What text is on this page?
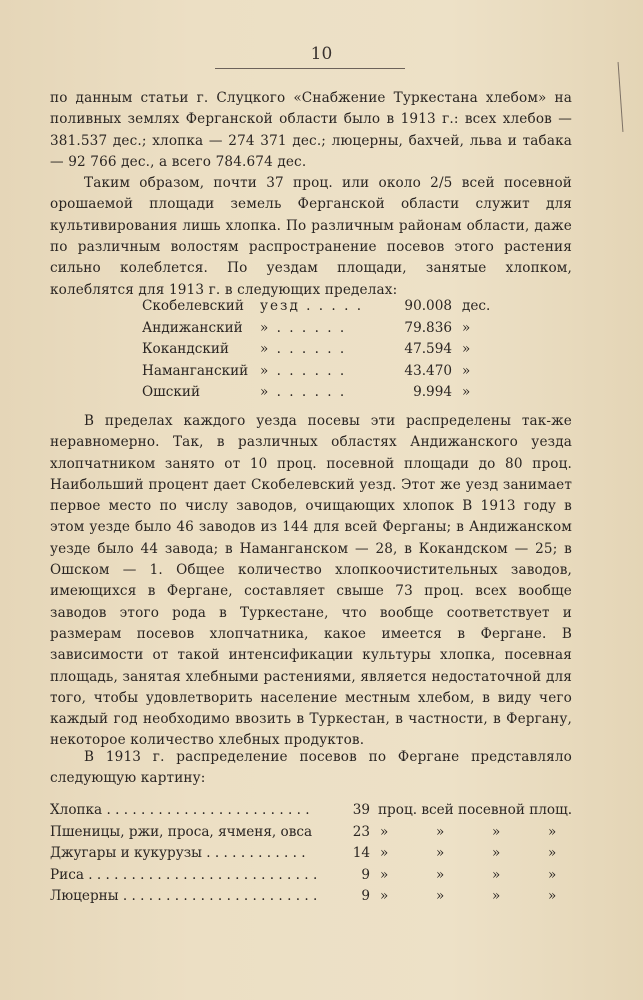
10

по данным статьи г. Слуцкого «Снабжение Туркестана хлебом» на поливных землях Ферганской области было в 1913 г.: всех хлебов — 381.537 дес.; хлопка — 274 371 дес.; люцерны, бахчей, льва и табака — 92 766 дес., а всего 784.674 дес.

Таким образом, почти 37 проц. или около 2/5 всей посевной орошаемой площади земель Ферганской области служит для культивирования лишь хлопка. По различным районам области, даже по различным волостям распространение посевов этого растения сильно колеблется. По уездам площади, занятые хлопком, колеблятся для 1913 г. в следующих пределах:

Скобелевский	уезд . . . . .	90.008 дес.
Андижанский	» . . . . . .	79.836 »
Кокандский	» . . . . . .	47.594 »
Наманганский » . . . . . .	43.470 »
Ошский	» . . . . . .	9.994 »

В пределах каждого уезда посевы эти распределены так-же неравномерно. Так, в различных областях Андижанского уезда хлопчатником занято от 10 проц. посевной площади до 80 проц. Наибольший процент дает Скобелевский уезд. Этот же уезд занимает первое место по числу заводов, очищающих хлопок В 1913 году в этом уезде было 46 заводов из 144 для всей Ферганы; в Андижанском уезде было 44 завода; в Наманганском — 28, в Кокандском — 25; в Ошском — 1. Общее количество хлопкоочистительных заводов, имеющихся в Фергане, составляет свыше 73 проц. всех вообще заводов этого рода в Туркестане, что вообще соответствует и размерам посевов хлопчатника, какое имеется в Фергане. В зависимости от такой интенсификации культуры хлопка, посевная площадь, занятая хлебными растениями, является недостаточной для того, чтобы удовлетворить население местным хлебом, в виду чего каждый год необходимо ввозить в Туркестан, в частности, в Фергану, некоторое количество хлебных продуктов.

В 1913 г. распределение посевов по Фергане представляло следующую картину:

Хлопка . . . . . . . . . . . . . . . . . . . . . . . .	39 проц. всей посевной площ.
Пшеницы, ржи, проса, ячменя, овса	23 »	»	»	»
Джугары и кукурузы . . . . . . . . . . . .	14 »	»	»	»
Риса . . . . . . . . . . . . . . . . . . . . . . . . . . .	9 »	»	»	»
Люцерны . . . . . . . . . . . . . . . . . . . . . . .	9 »	»	»	»
